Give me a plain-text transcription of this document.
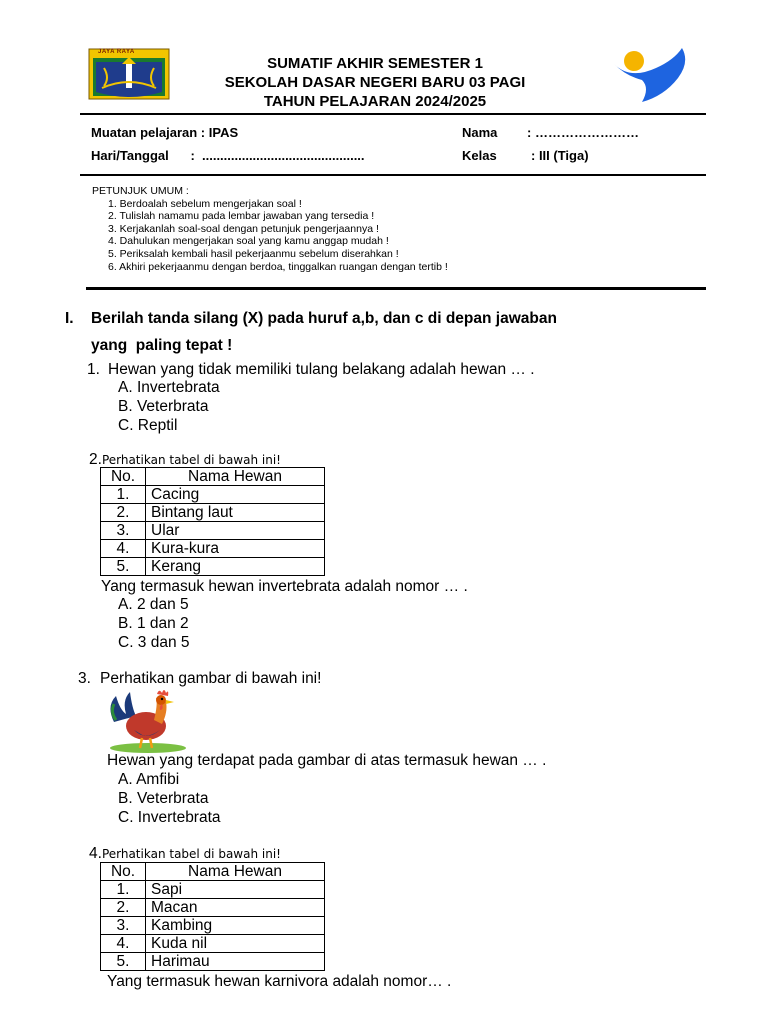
JAYA RAYA
SUMATIF AKHIR SEMESTER 1
SEKOLAH DASAR NEGERI BARU 03 PAGI
TAHUN PELAJARAN 2024/2025
Muatan pelajaran : IPAS
Hari/Tanggal      :  .............................................
Nama : ……………………
Kelas	: III (Tiga)
PETUNJUK UMUM :
1. Berdoalah sebelum mengerjakan soal !
2. Tulislah namamu pada lembar jawaban yang tersedia !
3. Kerjakanlah soal-soal dengan petunjuk pengerjaannya !
4. Dahulukan mengerjakan soal yang kamu anggap mudah !
5. Periksalah kembali hasil pekerjaanmu sebelum diserahkan !
6. Akhiri pekerjaanmu dengan berdoa, tinggalkan ruangan dengan tertib !
I. Berilah tanda silang (X) pada huruf a,b, dan c di depan jawaban
yang  paling tepat !
1. Hewan yang tidak memiliki tulang belakang adalah hewan … .
A. Invertebrata
B. Veterbrata
C. Reptil
2.Perhatikan tabel di bawah ini!
No.	Nama Hewan
1.	Cacing
2.	Bintang laut
3.	Ular
4.	Kura-kura
5.	Kerang
Yang termasuk hewan invertebrata adalah nomor … .
A. 2 dan 5
B. 1 dan 2
C. 3 dan 5
3. Perhatikan gambar di bawah ini!
Hewan yang terdapat pada gambar di atas termasuk hewan … .
A. Amfibi
B. Veterbrata
C. Invertebrata
4.Perhatikan tabel di bawah ini!
No.	Nama Hewan
1.	Sapi
2.	Macan
3.	Kambing
4.	Kuda nil
5.	Harimau
Yang termasuk hewan karnivora adalah nomor… .
